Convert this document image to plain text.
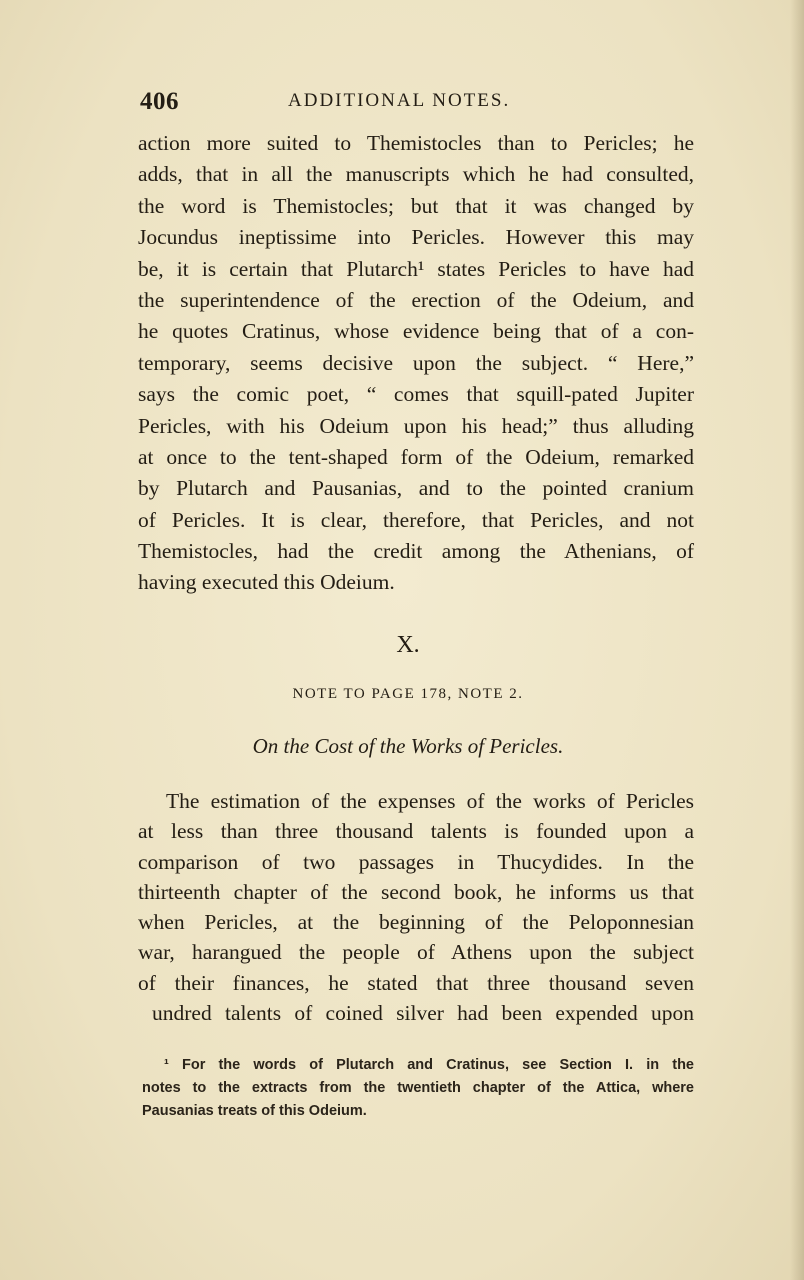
406	ADDITIONAL NOTES.

action more suited to Themistocles than to Pericles; he
adds, that in all the manuscripts which he had consulted,
the word is Themistocles; but that it was changed by
Jocundus ineptissime into Pericles. However this may
be, it is certain that Plutarch¹ states Pericles to have had
the superintendence of the erection of the Odeium, and
he quotes Cratinus, whose evidence being that of a con-
temporary, seems decisive upon the subject. “ Here,”
says the comic poet, “ comes that squill-pated Jupiter
Pericles, with his Odeium upon his head;” thus alluding
at once to the tent-shaped form of the Odeium, remarked
by Plutarch and Pausanias, and to the pointed cranium
of Pericles. It is clear, therefore, that Pericles, and not
Themistocles, had the credit among the Athenians, of
having executed this Odeium.

X.
NOTE TO PAGE 178, NOTE 2.
On the Cost of the Works of Pericles.

The estimation of the expenses of the works of Pericles
at less than three thousand talents is founded upon a
comparison of two passages in Thucydides. In the
thirteenth chapter of the second book, he informs us that
when Pericles, at the beginning of the Peloponnesian
war, harangued the people of Athens upon the subject
of their finances, he stated that three thousand seven
undred talents of coined silver had been expended upon

¹ For the words of Plutarch and Cratinus, see Section I. in the
notes to the extracts from the twentieth chapter of the Attica, where
Pausanias treats of this Odeium.
